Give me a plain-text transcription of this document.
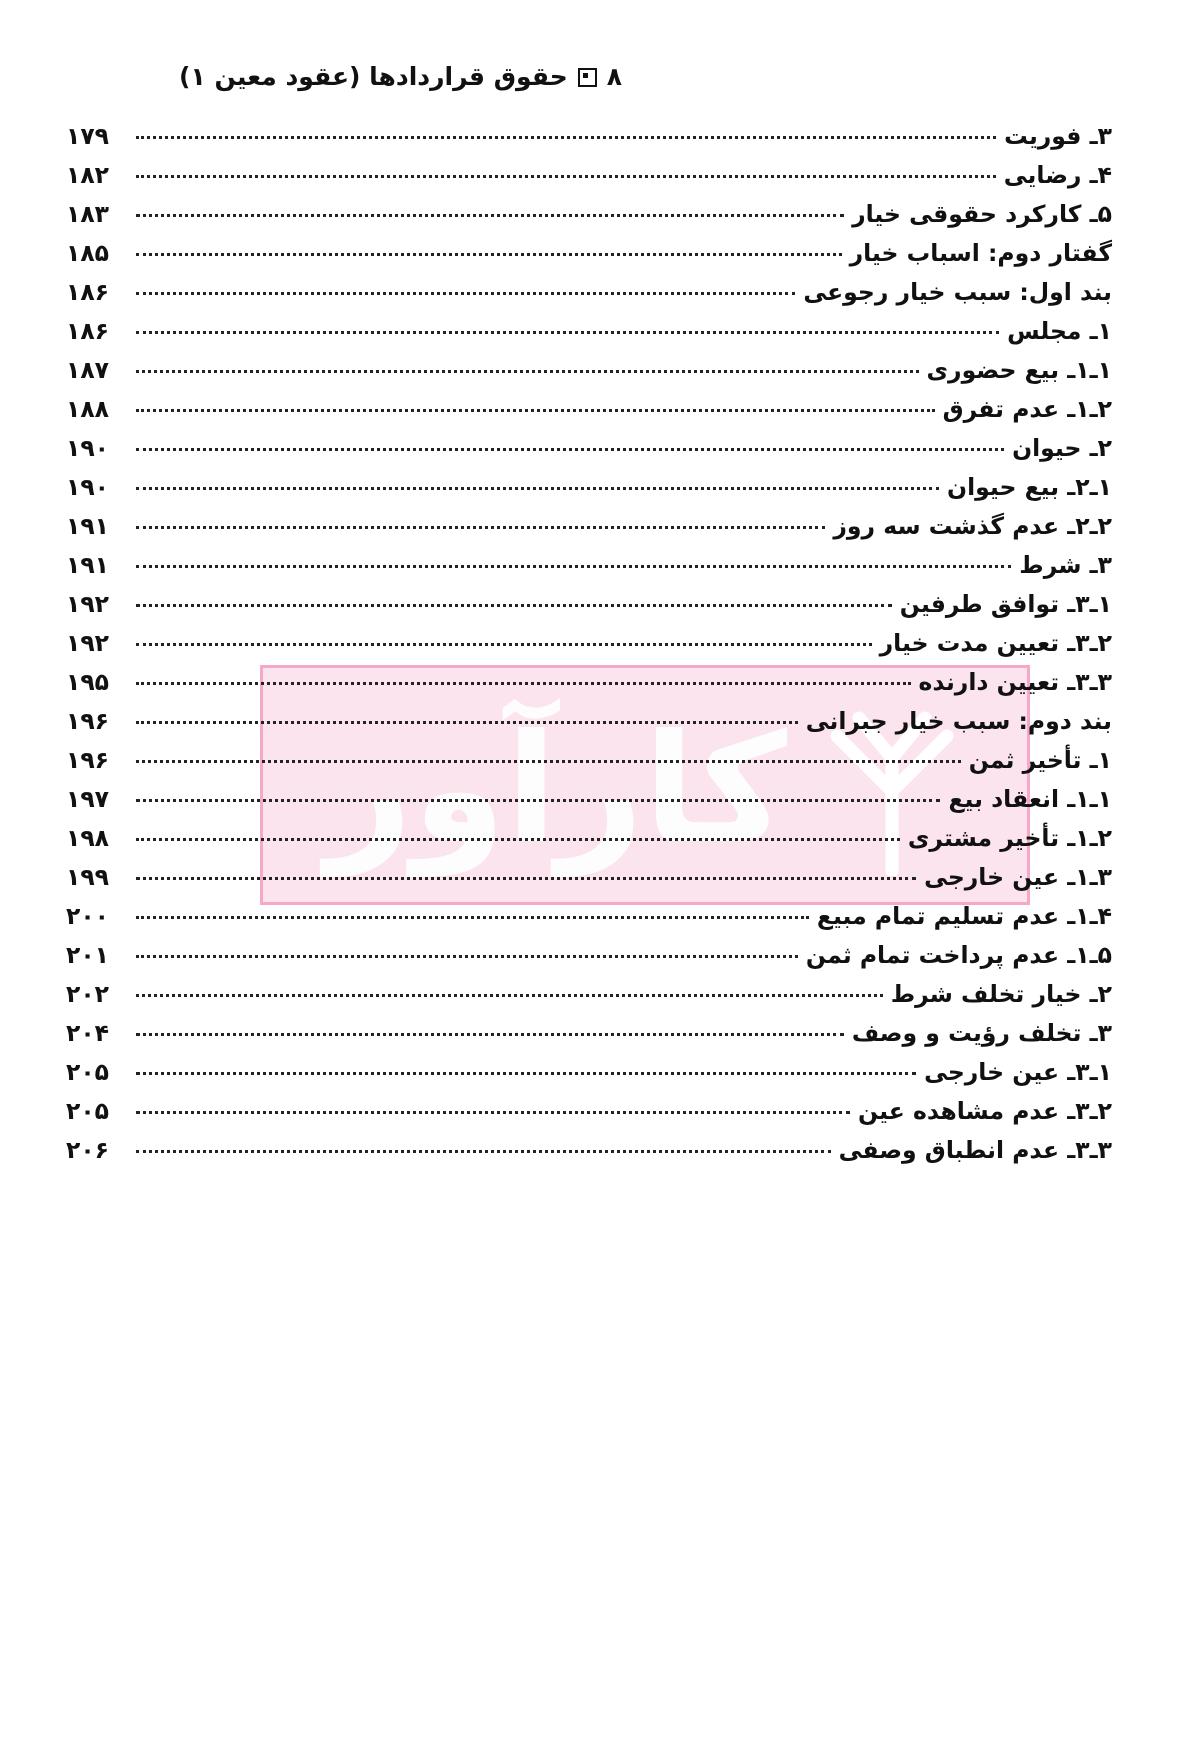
کارآور
۸
حقوق قراردادها (عقود معین ۱)
۳ـ فوریت
۱۷۹
۴ـ رضایی
۱۸۲
۵ـ کارکرد حقوقی خیار
۱۸۳
گفتار دوم: اسباب خیار
۱۸۵
بند اول: سبب خیار رجوعی
۱۸۶
۱ـ مجلس
۱۸۶
۱ـ۱ـ بیع حضوری
۱۸۷
۲ـ۱ـ عدم تفرق
۱۸۸
۲ـ حیوان
۱۹۰
۱ـ۲ـ بیع حیوان
۱۹۰
۲ـ۲ـ عدم گذشت سه روز
۱۹۱
۳ـ شرط
۱۹۱
۱ـ۳ـ توافق طرفین
۱۹۲
۲ـ۳ـ تعیین مدت خیار
۱۹۲
۳ـ۳ـ تعیین دارنده
۱۹۵
بند دوم: سبب خیار جبرانی
۱۹۶
۱ـ تأخیر ثمن
۱۹۶
۱ـ۱ـ انعقاد بیع
۱۹۷
۲ـ۱ـ تأخیر مشتری
۱۹۸
۳ـ۱ـ عین خارجی
۱۹۹
۴ـ۱ـ عدم تسلیم تمام مبیع
۲۰۰
۵ـ۱ـ عدم پرداخت تمام ثمن
۲۰۱
۲ـ خیار تخلف شرط
۲۰۲
۳ـ تخلف رؤیت و وصف
۲۰۴
۱ـ۳ـ عین خارجی
۲۰۵
۲ـ۳ـ عدم مشاهده عین
۲۰۵
۳ـ۳ـ عدم انطباق وصفی
۲۰۶
